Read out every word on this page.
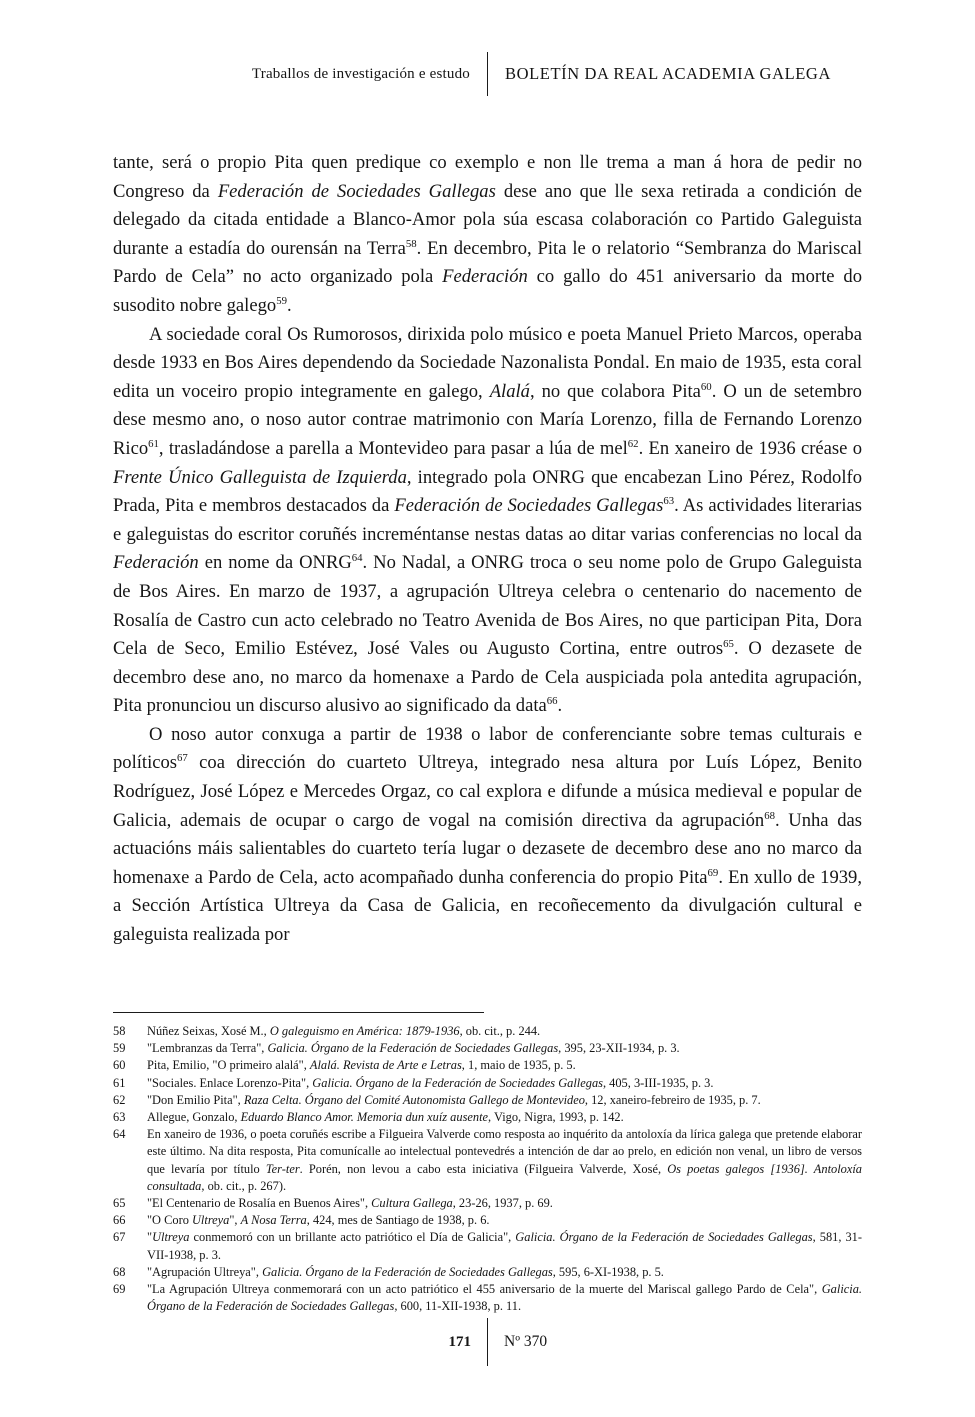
Traballos de investigación e estudo	BOLETÍN DA REAL ACADEMIA GALEGA

tante, será o propio Pita quen predique co exemplo e non lle trema a man á hora de pedir no Congreso da Federación de Sociedades Gallegas dese ano que lle sexa retirada a condición de delegado da citada entidade a Blanco-Amor pola súa escasa colaboración co Partido Galeguista durante a estadía do ourensán na Terra$^{58}$. En decembro, Pita le o relatorio “Sembranza do Mariscal Pardo de Cela” no acto organizado pola Federación co gallo do 451 aniversario da morte do susodito nobre galego$^{59}$.

A sociedade coral Os Rumorosos, dirixida polo músico e poeta Manuel Prieto Marcos, operaba desde 1933 en Bos Aires dependendo da Sociedade Nazonalista Pondal. En maio de 1935, esta coral edita un voceiro propio integramente en galego, Alalá, no que colabora Pita$^{60}$. O un de setembro dese mesmo ano, o noso autor contrae matrimonio con María Lorenzo, filla de Fernando Lorenzo Rico$^{61}$, trasladándose a parella a Montevideo para pasar a lúa de mel$^{62}$. En xaneiro de 1936 créase o Frente Único Galleguista de Izquierda, integrado pola ONRG que encabezan Lino Pérez, Rodolfo Prada, Pita e membros destacados da Federación de Sociedades Gallegas$^{63}$. As actividades literarias e galeguistas do escritor coruñés increméntanse nestas datas ao ditar varias conferencias no local da Federación en nome da ONRG$^{64}$. No Nadal, a ONRG troca o seu nome polo de Grupo Galeguista de Bos Aires. En marzo de 1937, a agrupación Ultreya celebra o centenario do nacemento de Rosalía de Castro cun acto celebrado no Teatro Avenida de Bos Aires, no que participan Pita, Dora Cela de Seco, Emilio Estévez, José Vales ou Augusto Cortina, entre outros$^{65}$. O dezasete de decembro dese ano, no marco da homenaxe a Pardo de Cela auspiciada pola antedita agrupación, Pita pronunciou un discurso alusivo ao significado da data$^{66}$.

O noso autor conxuga a partir de 1938 o labor de conferenciante sobre temas culturais e políticos$^{67}$ coa dirección do cuarteto Ultreya, integrado nesa altura por Luís López, Benito Rodríguez, José López e Mercedes Orgaz, co cal explora e difunde a música medieval e popular de Galicia, ademais de ocupar o cargo de vogal na comisión directiva da agrupación$^{68}$. Unha das actuacións máis salientables do cuarteto tería lugar o dezasete de decembro dese ano no marco da homenaxe a Pardo de Cela, acto acompañado dunha conferencia do propio Pita$^{69}$. En xullo de 1939, a Sección Artística Ultreya da Casa de Galicia, en recoñecemento da divulgación cultural e galeguista realizada por

58 Núñez Seixas, Xosé M., O galeguismo en América: 1879-1936, ob. cit., p. 244.
59 "Lembranzas da Terra", Galicia. Órgano de la Federación de Sociedades Gallegas, 395, 23-XII-1934, p. 3.
60 Pita, Emilio, "O primeiro alalá", Alalá. Revista de Arte e Letras, 1, maio de 1935, p. 5.
61 "Sociales. Enlace Lorenzo-Pita", Galicia. Órgano de la Federación de Sociedades Gallegas, 405, 3-III-1935, p. 3.
62 "Don Emilio Pita", Raza Celta. Órgano del Comité Autonomista Gallego de Montevideo, 12, xaneiro-febreiro de 1935, p. 7.
63 Allegue, Gonzalo, Eduardo Blanco Amor. Memoria dun xuíz ausente, Vigo, Nigra, 1993, p. 142.
64 En xaneiro de 1936, o poeta coruñés escribe a Filgueira Valverde como resposta ao inquérito da antoloxía da lírica galega que pretende elaborar este último. Na dita resposta, Pita comunícalle ao intelectual pontevedrés a intención de dar ao prelo, en edición non venal, un libro de versos que levaría por título Ter-ter. Porén, non levou a cabo esta iniciativa (Filgueira Valverde, Xosé, Os poetas galegos [1936]. Antoloxía consultada, ob. cit., p. 267).
65 "El Centenario de Rosalía en Buenos Aires", Cultura Gallega, 23-26, 1937, p. 69.
66 "O Coro Ultreya", A Nosa Terra, 424, mes de Santiago de 1938, p. 6.
67 "Ultreya conmemoró con un brillante acto patriótico el Día de Galicia", Galicia. Órgano de la Federación de Sociedades Gallegas, 581, 31-VII-1938, p. 3.
68 "Agrupación Ultreya", Galicia. Órgano de la Federación de Sociedades Gallegas, 595, 6-XI-1938, p. 5.
69 "La Agrupación Ultreya conmemorará con un acto patriótico el 455 aniversario de la muerte del Mariscal gallego Pardo de Cela", Galicia. Órgano de la Federación de Sociedades Gallegas, 600, 11-XII-1938, p. 11.
171	Nº 370
